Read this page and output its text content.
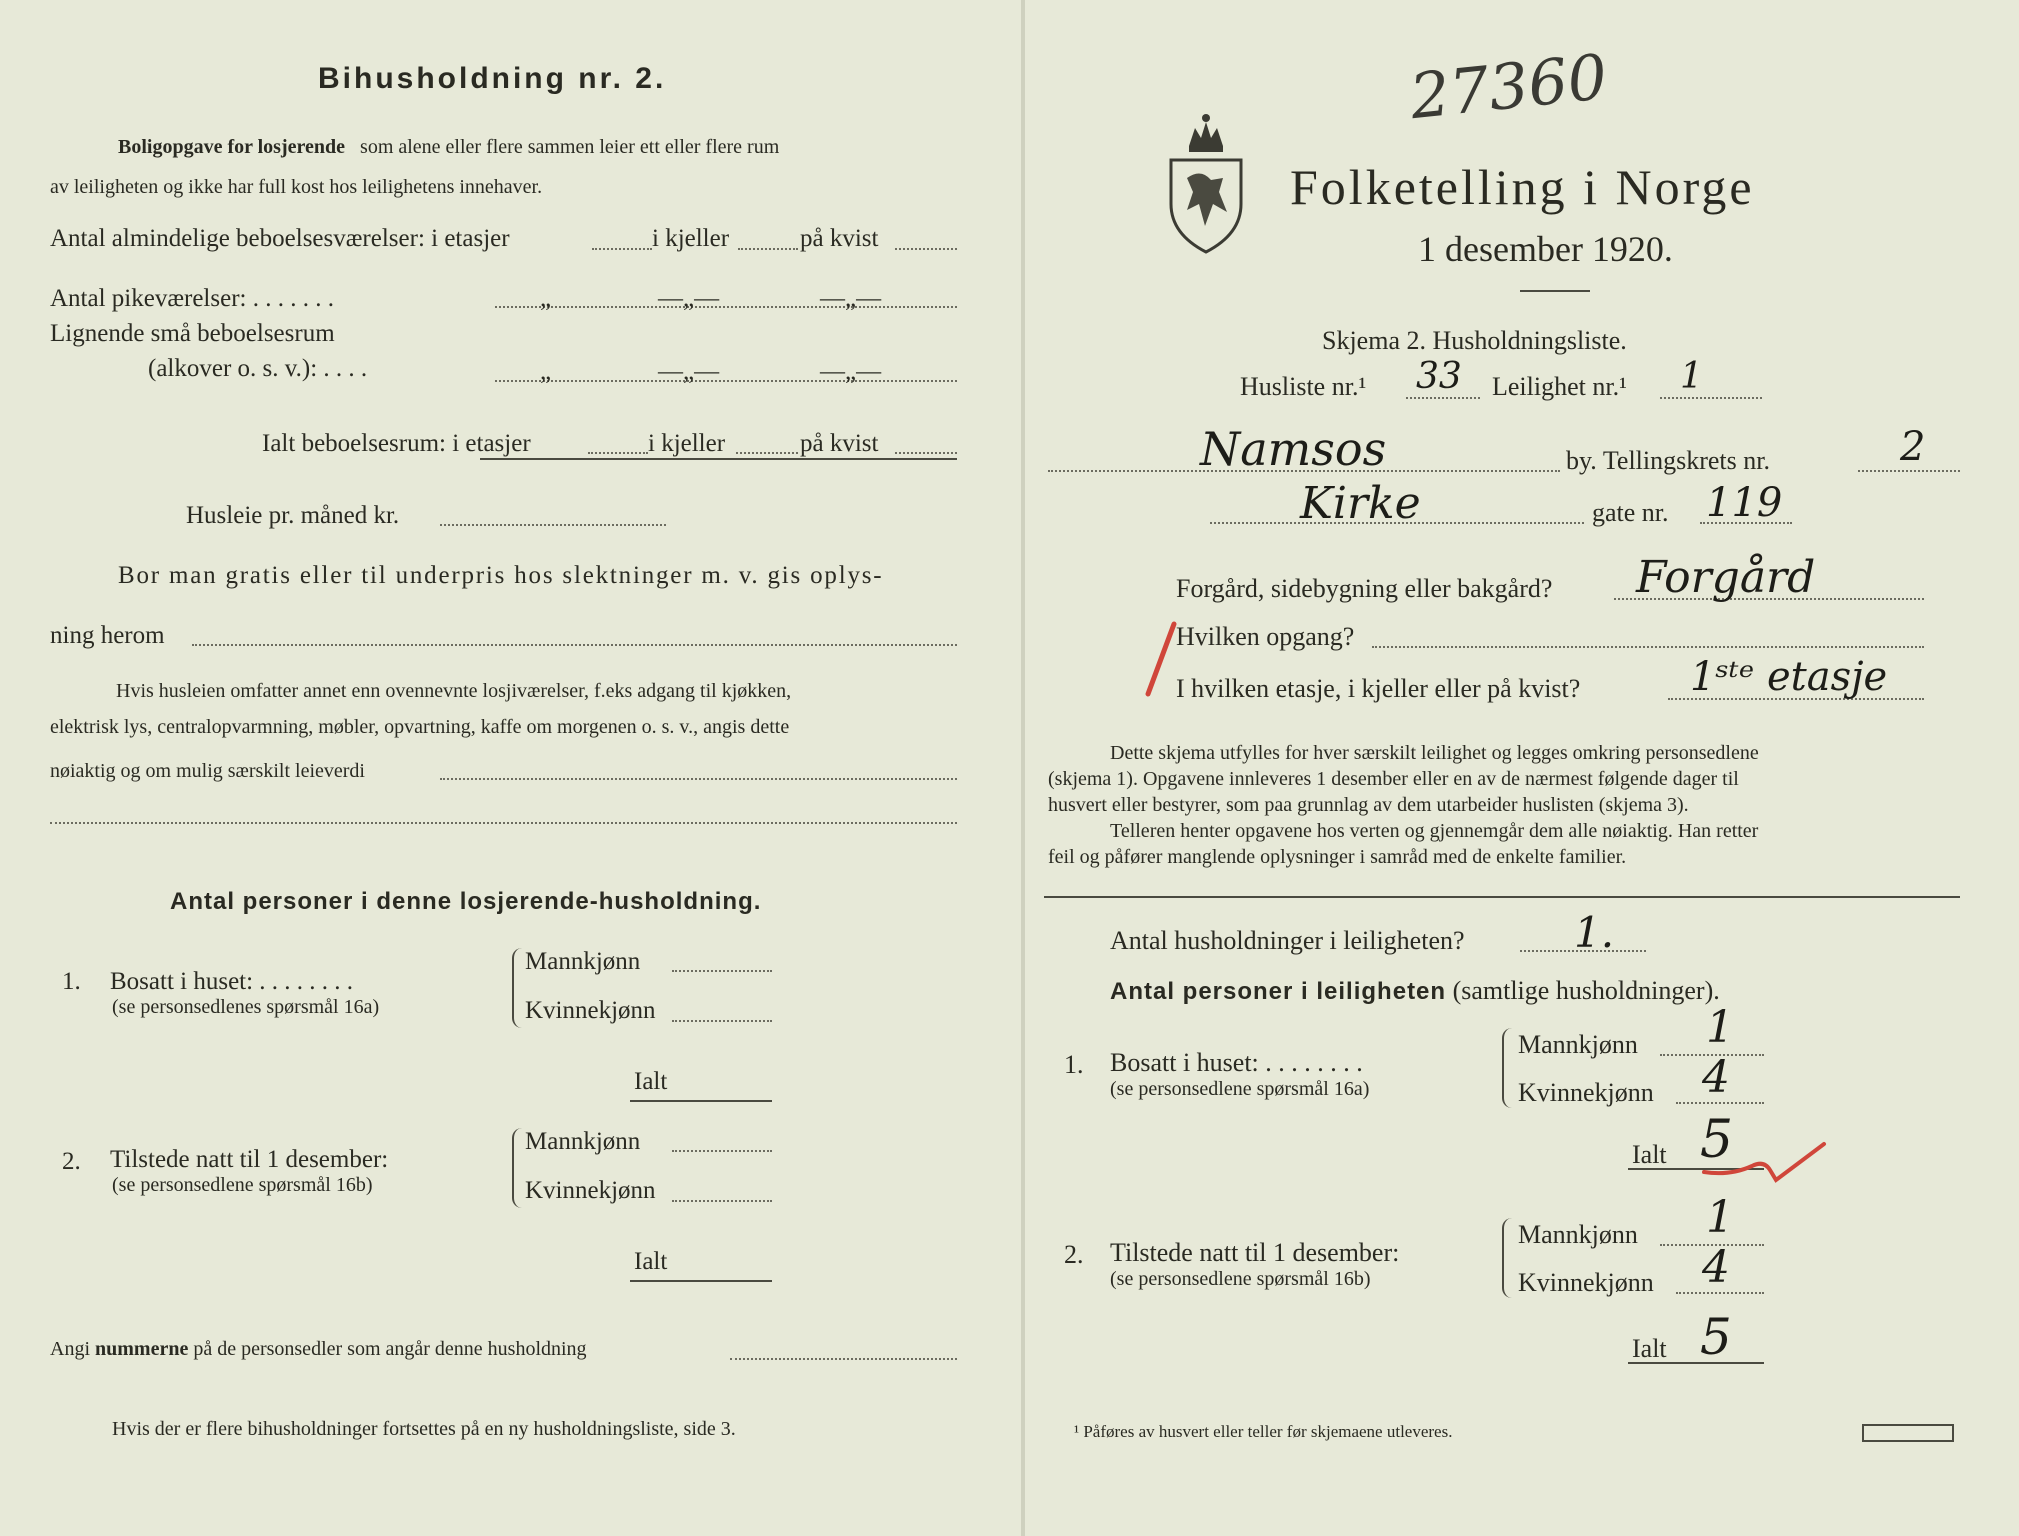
Bihusholdning nr. 2.
Boligopgave for losjerende som alene eller flere sammen leier ett eller flere rum
av leiligheten og ikke har full kost hos leilighetens innehaver.
Antal almindelige beboelsesværelser: i etasjer	i kjeller	på kvist
Antal pikeværelser: . . . . . . .	„	—„—	—„—
Lignende små beboelsesrum
(alkover o. s. v.): . . . .	„	—„—	—„—
Ialt beboelsesrum: i etasjer	i kjeller	på kvist
Husleie pr. måned kr.
Bor man gratis eller til underpris hos slektninger m. v. gis oplys-
ning herom
Hvis husleien omfatter annet enn ovennevnte losjiværelser, f.eks adgang til kjøkken,
elektrisk lys, centralopvarmning, møbler, opvartning, kaffe om morgenen o. s. v., angis dette
nøiaktig og om mulig særskilt leieverdi
Antal personer i denne losjerende-husholdning.
1. Bosatt i huset: . . . . . . . .
(se personsedlenes spørsmål 16a)
Mannkjønn
Kvinnekjønn
Ialt
2. Tilstede natt til 1 desember:
(se personsedlene spørsmål 16b)
Mannkjønn
Kvinnekjønn
Ialt
Angi nummerne på de personsedler som angår denne husholdning
Hvis der er flere bihusholdninger fortsettes på en ny husholdningsliste, side 3.
27360
Folketelling i Norge
1 desember 1920.
Skjema 2. Husholdningsliste.
Husliste nr.¹ 33 Leilighet nr.¹ 1
Namsos	by. Tellingskrets nr.	2
Kirke	gate nr. 119
Forgård, sidebygning eller bakgård? Forgård
Hvilken opgang?
I hvilken etasje, i kjeller eller på kvist?	1ˢᵗᵉ etasje
Dette skjema utfylles for hver særskilt leilighet og legges omkring personsedlene
(skjema 1). Opgavene innleveres 1 desember eller en av de nærmest følgende dager til
husvert eller bestyrer, som paa grunnlag av dem utarbeider huslisten (skjema 3).
Telleren henter opgavene hos verten og gjennemgår dem alle nøiaktig. Han retter
feil og påfører manglende oplysninger i samråd med de enkelte familier.
Antal husholdninger i leiligheten?	1.
Antal personer i leiligheten (samtlige husholdninger).
1. Bosatt i huset: . . . . . . . .
(se personsedlene spørsmål 16a)
Mannkjønn 1
Kvinnekjønn 4
Ialt 5
2. Tilstede natt til 1 desember:
(se personsedlene spørsmål 16b)
Mannkjønn 1
Kvinnekjønn 4
Ialt 5
¹ Påføres av husvert eller teller før skjemaene utleveres.
